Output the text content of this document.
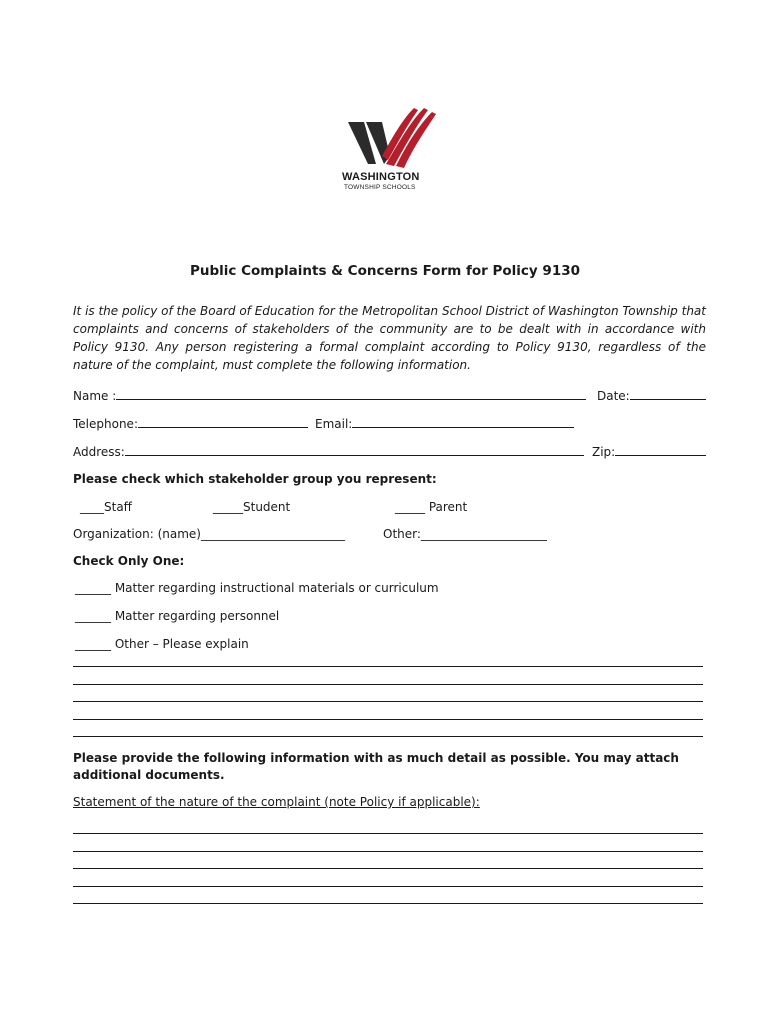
WASHINGTON
TOWNSHIP SCHOOLS
Public Complaints & Concerns Form for Policy 9130
It is the policy of the Board of Education for the Metropolitan School District of Washington Township that complaints and concerns of stakeholders of the community are to be dealt with in accordance with Policy 9130. Any person registering a formal complaint according to Policy 9130, regardless of the nature of the complaint, must complete the following information.
Name :	Date:
Telephone:	Email:
Address:	Zip:
Please check which stakeholder group you represent:
____Staff	_____Student	_____ Parent
Organization: (name)________________________	Other:_____________________
Check Only One:
______ Matter regarding instructional materials or curriculum
______ Matter regarding personnel
______ Other – Please explain
Please provide the following information with as much detail as possible. You may attach additional documents.
Statement of the nature of the complaint (note Policy if applicable):
